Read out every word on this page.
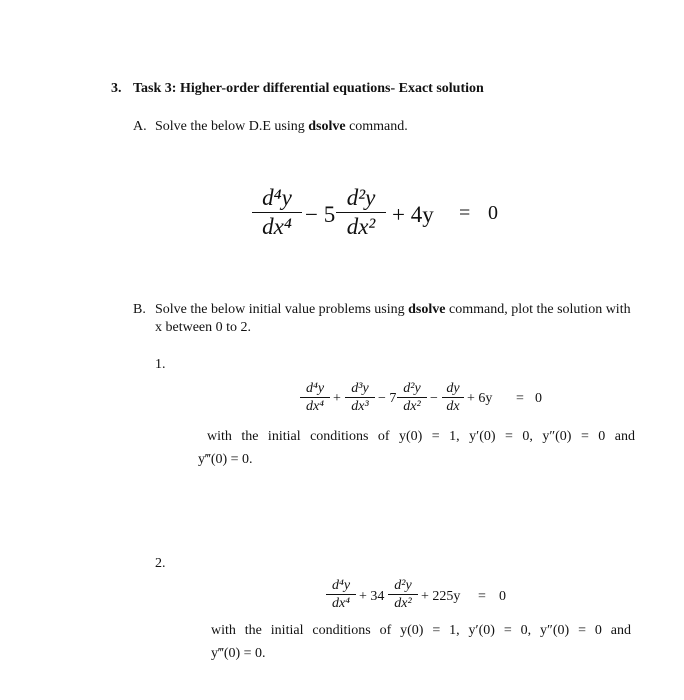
3. Task 3: Higher-order differential equations- Exact solution
A. Solve the below D.E using dsolve command.
d⁴y
dx⁴ − 5
d²y
dx² + 4y = 0
B. Solve the below initial value problems using dsolve command, plot the solution with
x between 0 to 2.
1.
d⁴y
dx⁴
+
d³y
dx³
− 7
d²y
dx²
−
dy
dx
+ 6y = 0
with the initial conditions of y(0) = 1, y′(0) = 0, y″(0) = 0 and
y‴(0) = 0.
2.
d⁴y
dx⁴ + 34
d²y
dx² + 225y = 0
with the initial conditions of y(0) = 1, y′(0) = 0, y″(0) = 0 and
y‴(0) = 0.
